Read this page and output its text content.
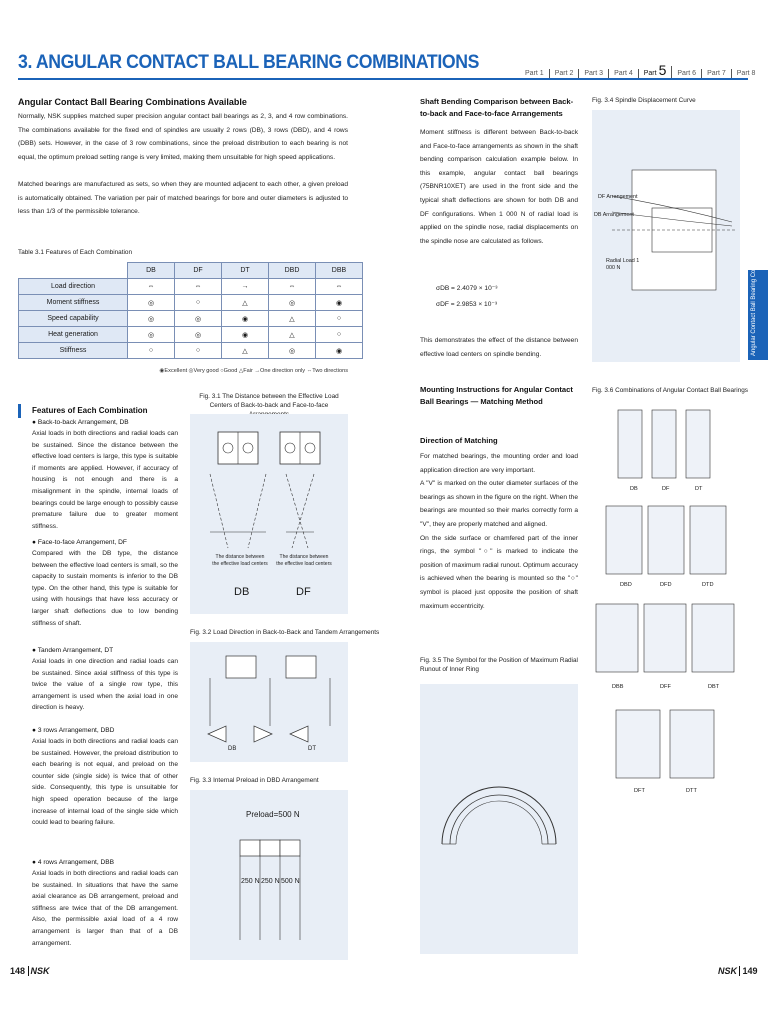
3. ANGULAR CONTACT BALL BEARING COMBINATIONS
Part 1	Part 2	Part 3	Part 4	Part 5	Part 6	Part 7	Part 8
Angular Contact Ball Bearing Combinations Available
Normally, NSK supplies matched super precision angular contact ball bearings as 2, 3, and 4 row combinations. The combinations available for the fixed end of spindles are usually 2 rows (DB), 3 rows (DBD), and 4 rows (DBB) sets. However, in the case of 3 row combinations, since the preload distribution to each bearing is not equal, the optimum preload setting range is very limited, making them unsuitable for high speed applications.
Matched bearings are manufactured as sets, so when they are mounted adjacent to each other, a given preload is automatically obtained. The variation per pair of matched bearings for bore and outer diameters is adjusted to less than 1/3 of the permissible tolerance.
Table 3.1 Features of Each Combination
	DB	DF	DT	DBD	DBB
Load direction	⇔	⇔	→	⇔	⇔
Moment stiffness	◎	○	△	◎	◉
Speed capability	◎	◎	◉	△	○
Heat generation	◎	◎	◉	△	○
Stiffness	○	○	△	◎	◉
◉Excellent ◎Very good ○Good △Fair →One direction only ⇔Two directions
Features of Each Combination
● Back-to-back Arrangement, DB
Axial loads in both directions and radial loads can be sustained. Since the distance between the effective load centers is large, this type is suitable if moments are applied. However, if accuracy of housing is not enough and there is a misalignment in the spindle, internal loads of bearings could be large enough to possibly cause premature failure due to greater moment stiffness.
● Face-to-face Arrangement, DF
Compared with the DB type, the distance between the effective load centers is small, so the capacity to sustain moments is inferior to the DB type. On the other hand, this type is suitable for using with housings that have less accuracy or larger shaft deflections due to low bending stiffness of shaft.
● Tandem Arrangement, DT
Axial loads in one direction and radial loads can be sustained. Since axial stiffness of this type is twice the value of a single row type, this arrangement is used when the axial load in one direction is heavy.
● 3 rows Arrangement, DBD
Axial loads in both directions and radial loads can be sustained. However, the preload distribution to each bearing is not equal, and preload on the counter side (single side) is twice that of other side. Consequently, this type is unsuitable for high speed operation because of the large increase of internal load of the single side which could lead to bearing failure.
● 4 rows Arrangement, DBB
Axial loads in both directions and radial loads can be sustained. In situations that have the same axial clearance as DB arrangement, preload and stiffness are twice that of the DB arrangement. Also, the permissible axial load of a 4 row arrangement is larger than that of a DB arrangement.
Fig. 3.1 The Distance between the Effective Load Centers of Back-to-back and Face-to-face
The distance between the effective load centers
The distance between the effective load centers
DB	DF
Fig. 3.2 Load Direction in Back-to-Back and Tandem Arrangements
DB	DT
Fig. 3.3 Internal Preload in DBD Arrangement
Preload=500 N
250 N 250 N 500 N
Shaft Bending Comparison between Back-to-back and Face-to-face Arrangements
Moment stiffness is different between Back-to-back and Face-to-face arrangements as shown in the shaft bending comparison calculation example below. In this example, angular contact ball bearings (75BNR10XET) are used in the front side and the typical shaft deflections are shown for both DB and DF configurations. When 1 000 N of radial load is applied on the spindle nose, radial displacements on the spindle nose are calculated as follows.
σDB = 2.4079 × 10⁻³
σDF = 2.9853 × 10⁻³
This demonstrates the effect of the distance between effective load centers on spindle bending.
Mounting Instructions for Angular Contact Ball Bearings — Matching Method
Direction of Matching
For matched bearings, the mounting order and load application direction are very important.
A "V" is marked on the outer diameter surfaces of the bearings as shown in the figure on the right. When the bearings are mounted so their marks correctly form a "V", they are properly matched and aligned.
On the side surface or chamfered part of the inner rings, the symbol "○" is marked to indicate the position of maximum radial runout. Optimum accuracy is achieved when the bearing is mounted so the "○" symbol is placed just opposite the position of shaft maximum eccentricity.
Fig. 3.5 The Symbol for the Position of Maximum Radial Runout of Inner Ring
Fig. 3.4 Spindle Displacement Curve
DF Arrangement
DB Arrangement
Radial Load 1 000 N
Fig. 3.6 Combinations of Angular Contact Ball Bearings
DB	DF	DT
DBD	DFD	DTD
DBB	DFF	DBT
DFT	DTT
Angular Contact Ball Bearing Combinations
148 NSK	NSK 149
